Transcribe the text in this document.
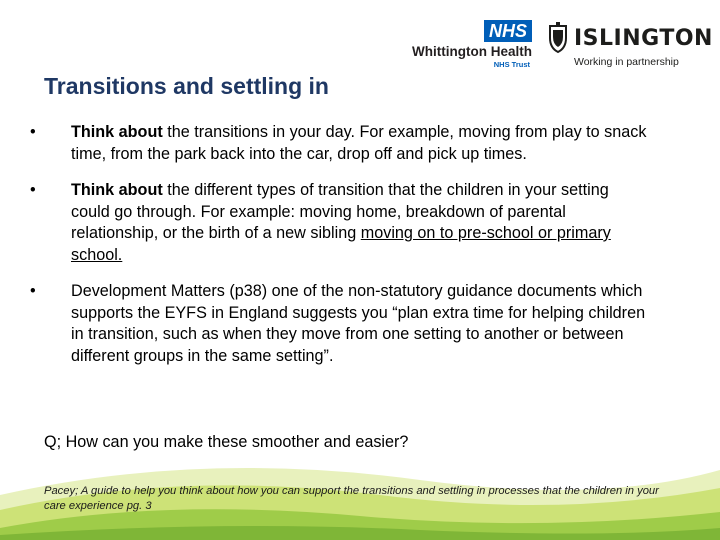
NHS
Whittington Health
NHS Trust
ISLINGTON
Working in partnership
Transitions and settling in
• Think about the transitions in your day. For example, moving from play to snack time, from the park back into the car, drop off and pick up times.
• Think about the different types of transition that the children in your setting could go through. For example: moving home, breakdown of parental relationship, or the birth of a new sibling moving on to pre-school or primary school.
• Development Matters (p38) one of the non-statutory guidance documents which supports the EYFS in England suggests you “plan extra time for helping children in transition, such as when they move from one setting to another or between different groups in the same setting”.
Q; How can you make these smoother and easier?
Pacey; A guide to help you think about how you can support the transitions and settling in processes that the children in your care experience pg. 3
